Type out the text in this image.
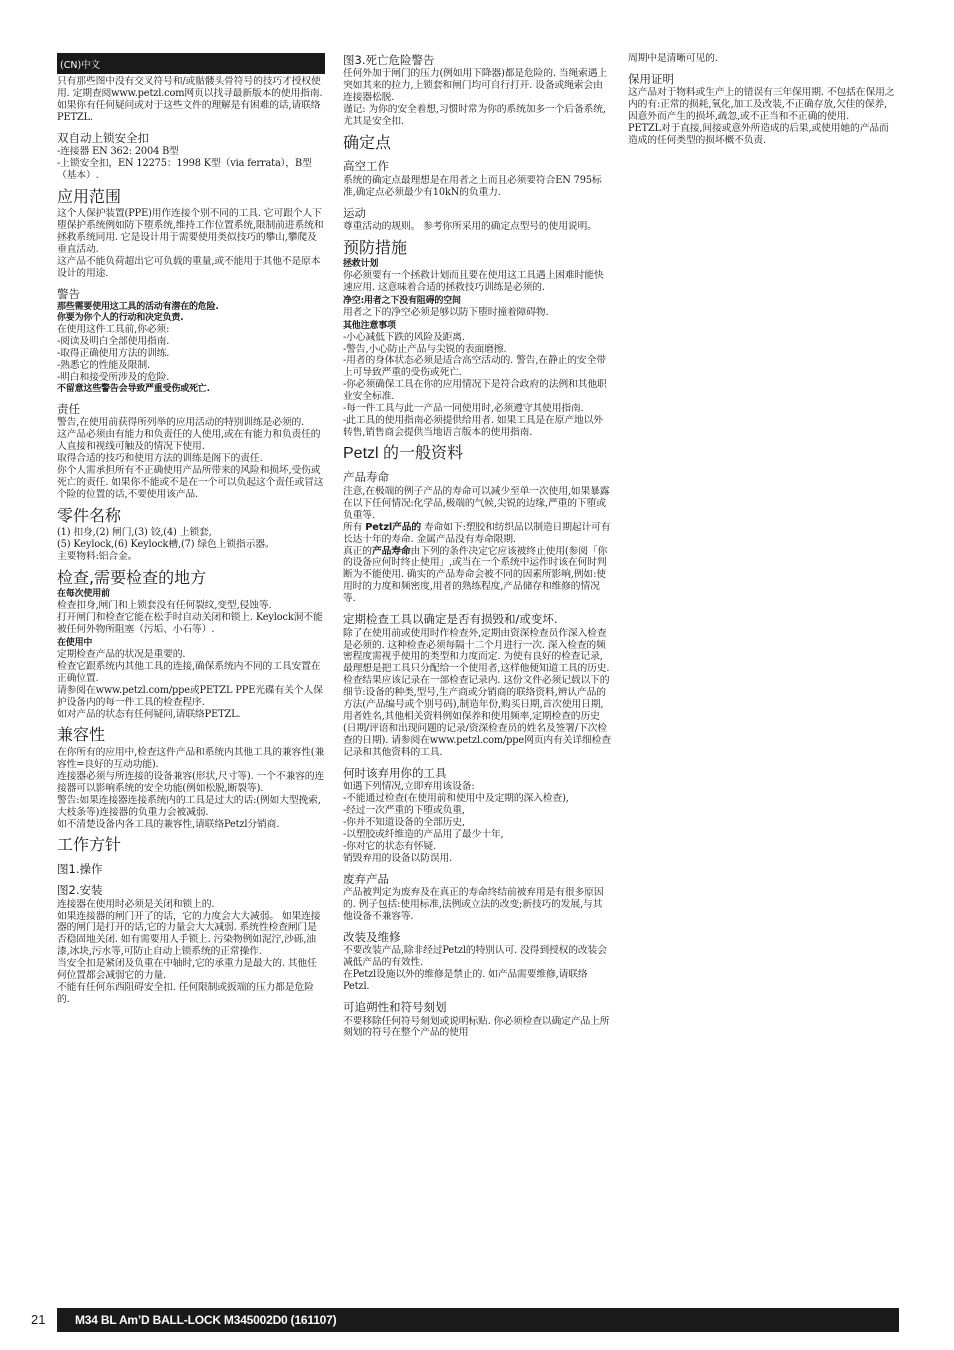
(CN)中文

只有那些图中没有交叉符号和/或骷髅头骨符号的技巧才授权使用. 定期查阅www.petzl.com网页以找寻最新版本的使用指南.

如果你有任何疑问或对于这些文件的理解是有困难的话,请联络PETZL.

双自动上锁安全扣

-连接器 EN 362: 2004 B型

-上锁安全扣，EN 12275：1998 K型（via ferrata），B型（基本）.

应用范围

这个人保护装置(PPE)用作连接个别不同的工具. 它可跟个人下堕保护系统例如防下堕系统,维持工作位置系统,限制前进系统和拯救系统同用. 它是设计用于需要使用类似技巧的攀山,攀爬及垂直活动.

这产品不能负荷超出它可负载的重量,或不能用于其他不是原本设计的用途.

警告

那些需要使用这工具的活动有潜在的危险.

你要为你个人的行动和决定负责.

在使用这件工具前,你必须:

-阅读及明白全部使用指南.

-取得正确使用方法的训练.

-熟悉它的性能及限制.

-明白和接受所涉及的危险.

不留意这些警告会导致严重受伤或死亡.

责任

警告,在使用前获得所列举的应用活动的特别训练是必须的.

这产品必须由有能力和负责任的人使用,或在有能力和负责任的人直接和视线可触及的情况下使用.

取得合适的技巧和使用方法的训练是阁下的责任.

你个人需承担所有不正确使用产品所带来的风险和损坏,受伤或死亡的责任. 如果你不能或不是在一个可以负起这个责任或冒这个险的位置的话,不要使用该产品.

零件名称

(1) 扣身,(2) 闸门,(3) 铰,(4) 上锁套,

(5) Keylock,(6) Keylock槽,(7) 绿色上锁指示器。

主要物料:铝合金。

检查,需要检查的地方
在每次使用前

检查扣身,闸门和上锁套没有任何裂纹,变型,侵蚀等.

打开闸门和检查它能在松手时自动关闭和锁上. Keylock洞不能被任何外物所阻塞（污垢、小石等）.

在使用中

定期检查产品的状况是重要的.

检查它跟系统内其他工具的连接,确保系统内不同的工具安置在正确位置.

请参阅在www.petzl.com/ppe或PETZL PPE光碟有关个人保护设备内的每一件工具的检查程序.

如对产品的状态有任何疑问,请联络PETZL.

兼容性

在你所有的应用中,检查这件产品和系统内其他工具的兼容性(兼容性=良好的互动功能).

连接器必须与所连接的设备兼容(形状,尺寸等). 一个不兼容的连接器可以影响系统的安全功能(例如松脱,断裂等).

警告:如果连接器连接系统内的工具是过大的话:(例如大型挽索,大枝条等)连接器的负重力会被减弱.

如不清楚设备内各工具的兼容性,请联络Petzl分销商.

工作方针
图1.操作
图2.安装

连接器在使用时必须是关闭和锁上的.

如果连接器的闸门开了的话，它的力度会大大减弱。 如果连接器的闸门是打开的话,它的力量会大大减弱. 系统性检查闸门是否稳固地关闭. 如有需要用人手锁上. 污染物例如泥泞,沙砾,油漆,冰块,污水等,可防止自动上锁系统的正常操作.

当安全扣是紧闭及负重在中轴时,它的承重力是最大的. 其他任何位置都会减弱它的力量.

不能有任何东西阻碍安全扣. 任何限制或扳端的压力都是危险的.

图3.死亡危险警告

任何外加于闸门的压力(例如用下降器)都是危险的. 当绳索遇上突如其来的拉力,上锁套和闸门均可自行打开. 设备或绳索会由连接器松脱.

谨记: 为你的安全着想,习惯时常为你的系统加多一个后备系统,尤其是安全扣.

确定点
高空工作

系统的确定点最理想是在用者之上而且必须要符合EN 795标准,确定点必须最少有10kN的负重力.

运动

尊重活动的规则。 参考你所采用的确定点型号的使用说明。

预防措施
拯救计划

你必须要有一个拯救计划而且要在使用这工具遇上困难时能快速应用. 这意味着合适的拯救技巧训练是必须的.

净空:用者之下没有阻碍的空间

用者之下的净空必须是够以防下堕时撞着障碍物.

其他注意事项

-小心减低下跌的风险及距离.

-警告,小心防止产品与尖锐的表面磨擦.

-用者的身体状态必须是适合高空活动的. 警告,在静止的安全带上可导致严重的受伤或死亡.

-你必须确保工具在你的应用情况下是符合政府的法例和其他职业安全标准.

-每一件工具与此一产品一同使用时,必须遵守其使用指南.

-此工具的使用指南必须提供给用者. 如果工具是在原产地以外转售,销售商会提供当地语言版本的使用指南.

Petzl 的一般资料
产品寿命

注意,在极端的例子产品的寿命可以减少至单一次使用,如果暴露在以下任何情况:化学品,极端的气候,尖锐的边缘,严重的下堕或负重等.

所有 Petzl产品的 寿命如下:塑胶和纺织品以制造日期起计可有长达十年的寿命. 金属产品没有寿命限期.

真正的产品寿命由下列的条件决定它应该被终止使用(参阅「你的设备应何时终止使用」,或当在一个系统中运作时该在何时判断为不能使用. 确实的产品寿命会被不同的因素所影响,例如:使用时的力度和频密度,用者的熟练程度,产品储存和维修的情况等.

定期检查工具以确定是否有损毁和/或变坏.

除了在使用前或使用时作检查外,定期由资深检查员作深入检查是必须的. 这种检查必须每隔十二个月进行一次. 深入检查的频密程度需视乎使用的类型和力度而定. 为使有良好的检查记录,最理想是把工具只分配给一个使用者,这样他便知道工具的历史. 检查结果应该记录在一部检查记录内. 这份文件必须记载以下的细节:设备的种类,型号,生产商或分销商的联络资料,辨认产品的方法(产品编号或个别号码),制造年份,购买日期,首次使用日期,用者姓名,其他相关资料例如保养和使用频率,定期检查的历史(日期/评语和出现问题的记录/资深检查员的姓名及签署/下次检查的日期). 请参阅在www.petzl.com/ppe网页内有关详细检查记录和其他资料的工具.

何时该弃用你的工具

如遇下列情况,立即弃用该设备:

-不能通过检查(在使用前和使用中及定期的深入检查),

-经过一次严重的下堕或负重,

-你并不知道设备的全部历史,

-以塑胶或纤维造的产品用了最少十年,

-你对它的状态有怀疑.

销毁弃用的设备以防误用.

废弃产品

产品被判定为废弃及在真正的寿命终结前被弃用是有很多原因的. 例子包括:使用标准,法例或立法的改变;新技巧的发展,与其他设备不兼容等.

改装及维修

不要改装产品,除非经过Petzl的特别认可. 没得到授权的改装会减低产品的有效性.

在Petzl设施以外的维修是禁止的. 如产品需要维修,请联络Petzl.

可追朔性和符号刻划

不要移除任何符号刻划或说明标贴. 你必须检查以确定产品上所刻划的符号在整个产品的使用

周期中是清晰可见的.

保用证明

这产品对于物料或生产上的错误有三年保用期. 不包括在保用之内的有:正常的损耗,氧化,加工及改装,不正确存放,欠佳的保养,因意外而产生的损坏,疏忽,或不正当和不正确的使用.

PETZL对于直接,间接或意外所造成的后果,或使用她的产品而造成的任何类型的损坏概不负责.

21 M34 BL Am’D BALL-LOCK M345002D0 (161107)
